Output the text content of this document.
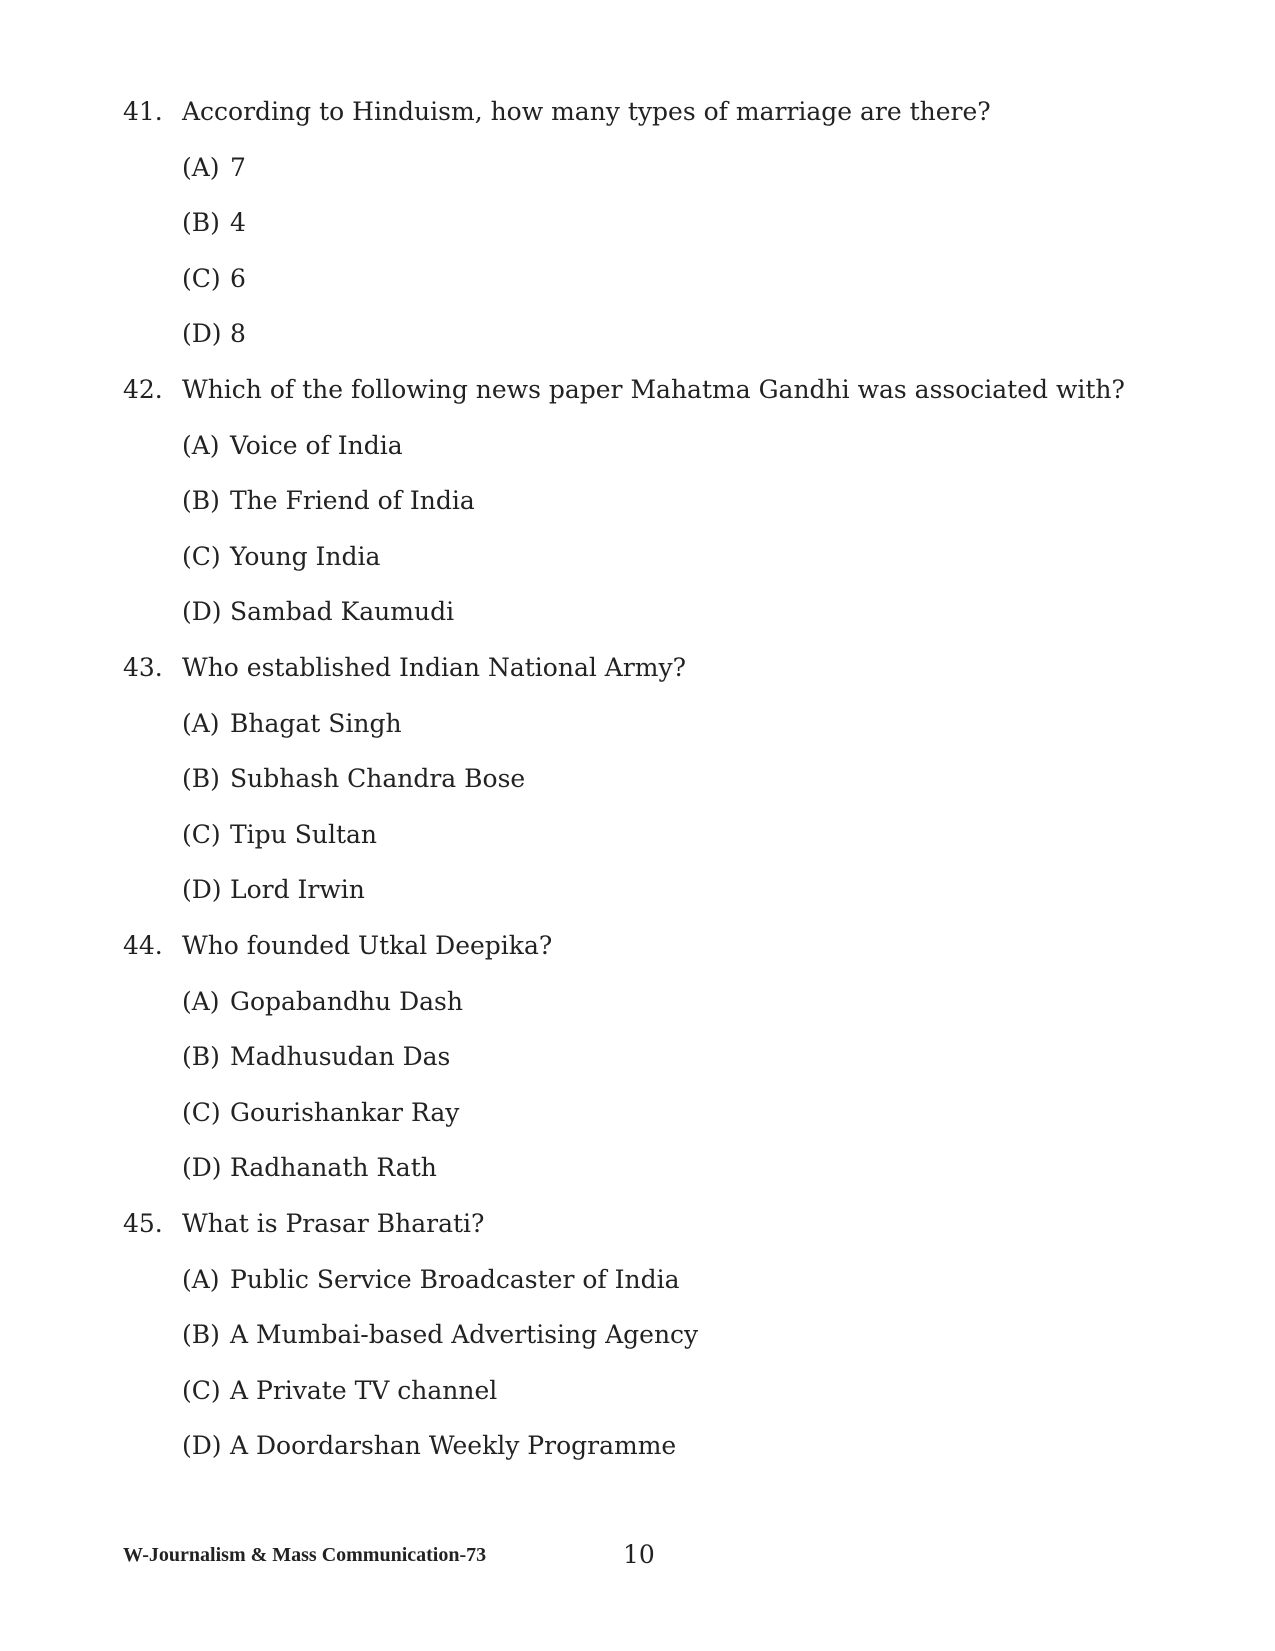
41. According to Hinduism, how many types of marriage are there?
(A) 7
(B) 4
(C) 6
(D) 8
42. Which of the following news paper Mahatma Gandhi was associated with?
(A) Voice of India
(B) The Friend of India
(C) Young India
(D) Sambad Kaumudi
43. Who established Indian National Army?
(A) Bhagat Singh
(B) Subhash Chandra Bose
(C) Tipu Sultan
(D) Lord Irwin
44. Who founded Utkal Deepika?
(A) Gopabandhu Dash
(B) Madhusudan Das
(C) Gourishankar Ray
(D) Radhanath Rath
45. What is Prasar Bharati?
(A) Public Service Broadcaster of India
(B) A Mumbai-based Advertising Agency
(C) A Private TV channel
(D) A Doordarshan Weekly Programme
W-Journalism & Mass Communication-73	10
